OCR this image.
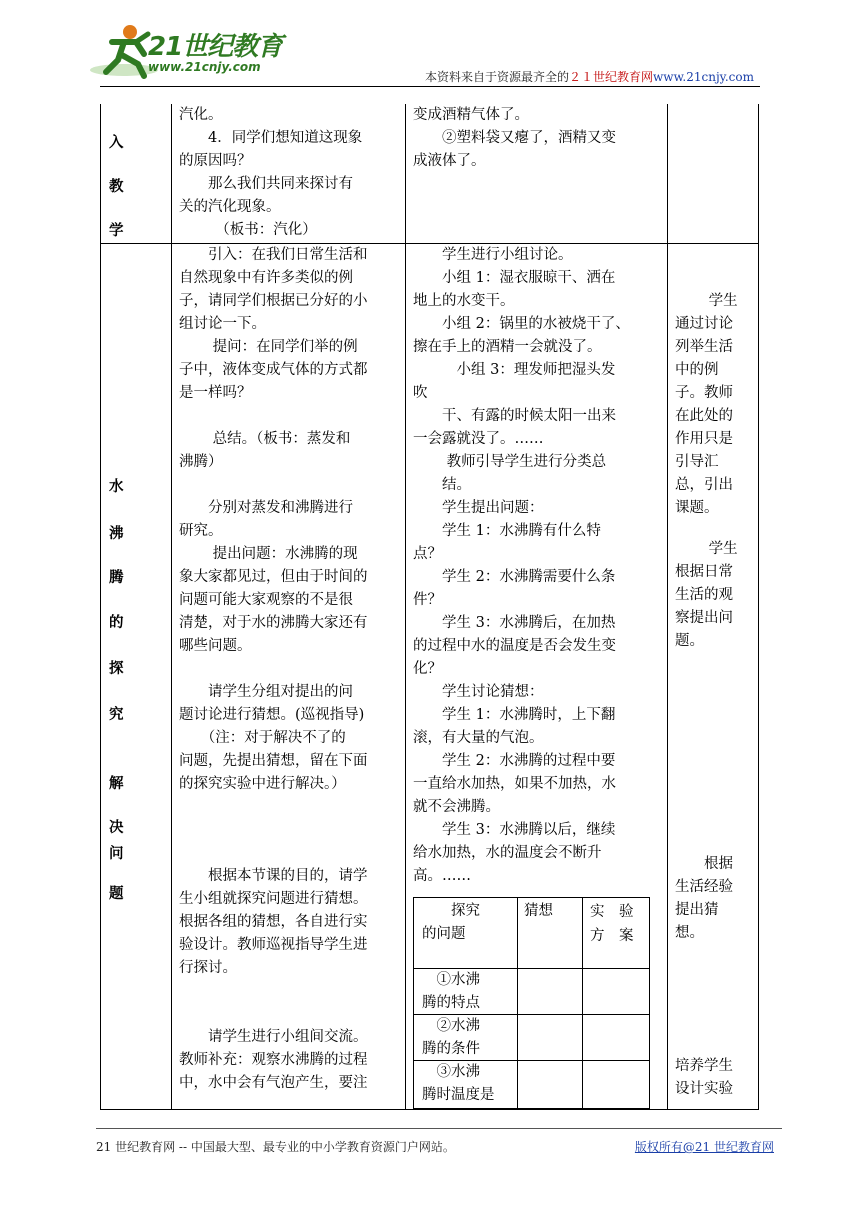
21世纪教育
www.21cnjy.com
本资料来自于资源最齐全的２１世纪教育网www.21cnjy.com
入
教
学
汽化。
　　4．同学们想知道这现象
的原因吗？
　　那么我们共同来探讨有
关的汽化现象。
　　　（板书：汽化）
变成酒精气体了。
　　②塑料袋又瘪了，酒精又变
成液体了。
水
沸
腾
的
探
究
解
决
问
题
　　引入：在我们日常生活和
自然现象中有许多类似的例
子，请同学们根据已分好的小
组讨论一下。
　　 提问：在同学们举的例
子中，液体变成气体的方式都
是一样吗？
　　 总结。（板书：蒸发和
沸腾）
　　分别对蒸发和沸腾进行
研究。
　　 提出问题：水沸腾的现
象大家都见过，但由于时间的
问题可能大家观察的不是很
清楚，对于水的沸腾大家还有
哪些问题。
　　请学生分组对提出的问
题讨论进行猜想。(巡视指导)
　　（注：对于解决不了的
问题，先提出猜想，留在下面
的探究实验中进行解决。）
　　根据本节课的目的，请学
生小组就探究问题进行猜想。
根据各组的猜想，各自进行实
验设计。教师巡视指导学生进
行探讨。
　　请学生进行小组间交流。
教师补充：观察水沸腾的过程
中，水中会有气泡产生，要注
　　学生进行小组讨论。
　　小组 1：湿衣服晾干、洒在
地上的水变干。
　　小组 2：锅里的水被烧干了、
擦在手上的酒精一会就没了。
　　　小组 3：理发师把湿头发
吹
　　干、有露的时候太阳一出来
一会露就没了。……
　　 教师引导学生进行分类总
　　结。
　　学生提出问题：
　　学生 1：水沸腾有什么特
点？
　　学生 2：水沸腾需要什么条
件？
　　学生 3：水沸腾后，在加热
的过程中水的温度是否会发生变
化？
　　学生讨论猜想：
　　学生 1：水沸腾时，上下翻
滚，有大量的气泡。
　　学生 2：水沸腾的过程中要
一直给水加热，如果不加热，水
就不会沸腾。
　　学生 3：水沸腾以后，继续
给水加热，水的温度会不断升
高。……
　　探究
的问题
猜想	实　验
方　案
　①水沸
腾的特点
　②水沸
腾的条件
　③水沸
腾时温度是
　　 学生
通过讨论
列举生活
中的例
子。教师
在此处的
作用只是
引导汇
总，引出
课题。
　　 学生
根据日常
生活的观
察提出问
题。
　　根据
生活经验
提出猜
想。
培养学生
设计实验
21 世纪教育网 -- 中国最大型、最专业的中小学教育资源门户网站。	版权所有@21 世纪教育网
